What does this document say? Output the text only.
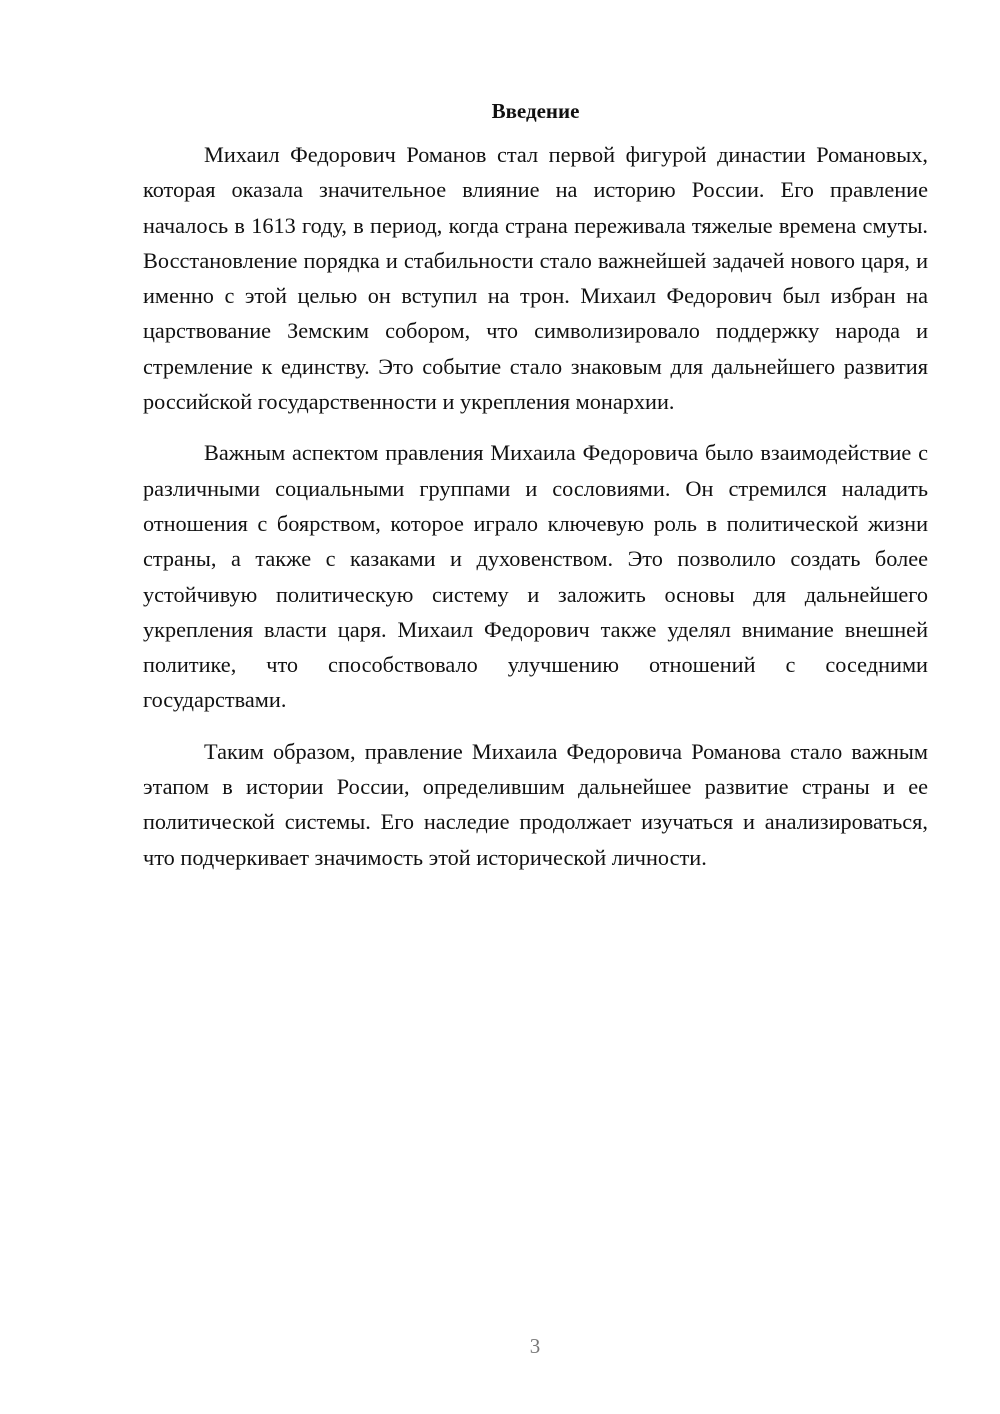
Введение

Михаил Федорович Романов стал первой фигурой династии Романовых, которая оказала значительное влияние на историю России. Его правление началось в 1613 году, в период, когда страна переживала тяжелые времена смуты. Восстановление порядка и стабильности стало важнейшей задачей нового царя, и именно с этой целью он вступил на трон. Михаил Федорович был избран на царствование Земским собором, что символизировало поддержку народа и стремление к единству. Это событие стало знаковым для дальнейшего развития российской государственности и укрепления монархии.

Важным аспектом правления Михаила Федоровича было взаимодействие с различными социальными группами и сословиями. Он стремился наладить отношения с боярством, которое играло ключевую роль в политической жизни страны, а также с казаками и духовенством. Это позволило создать более устойчивую политическую систему и заложить основы для дальнейшего укрепления власти царя. Михаил Федорович также уделял внимание внешней политике, что способствовало улучшению отношений с соседними государствами.

Таким образом, правление Михаила Федоровича Романова стало важным этапом в истории России, определившим дальнейшее развитие страны и ее политической системы. Его наследие продолжает изучаться и анализироваться, что подчеркивает значимость этой исторической личности.

3
